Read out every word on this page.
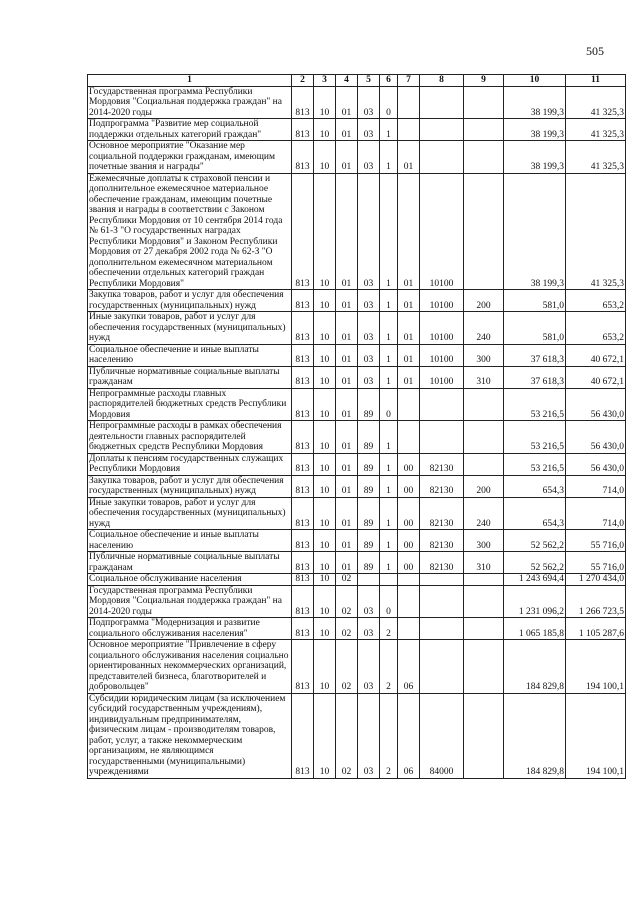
505
1	2	3	4	5	6	7	8	9	10	11
Государственная программа Республики Мордовия "Социальная поддержка граждан" на 2014-2020 годы	813	10	01	03	0				38 199,3	41 325,3
Подпрограмма "Развитие мер социальной поддержки отдельных категорий граждан"	813	10	01	03	1				38 199,3	41 325,3
Основное мероприятие "Оказание мер социальной поддержки гражданам, имеющим почетные звания и награды"	813	10	01	03	1	01			38 199,3	41 325,3
Ежемесячные доплаты к страховой пенсии и дополнительное ежемесячное материальное обеспечение гражданам, имеющим почетные звания и награды в соответствии с Законом Республики Мордовия от 10 сентября 2014 года № 61-З "О государственных наградах Республики Мордовия" и Законом Республики Мордовия от 27 декабря 2002 года № 62-З "О дополнительном ежемесячном материальном обеспечении отдельных категорий граждан Республики Мордовия"	813	10	01	03	1	01	10100		38 199,3	41 325,3
Закупка товаров, работ и услуг для обеспечения государственных (муниципальных) нужд	813	10	01	03	1	01	10100	200	581,0	653,2
Иные закупки товаров, работ и услуг для обеспечения государственных (муниципальных) нужд	813	10	01	03	1	01	10100	240	581,0	653,2
Социальное обеспечение и иные выплаты населению	813	10	01	03	1	01	10100	300	37 618,3	40 672,1
Публичные нормативные социальные выплаты гражданам	813	10	01	03	1	01	10100	310	37 618,3	40 672,1
Непрограммные расходы главных распорядителей бюджетных средств Республики Мордовия	813	10	01	89	0				53 216,5	56 430,0
Непрограммные расходы в рамках обеспечения деятельности главных распорядителей бюджетных средств Республики Мордовия	813	10	01	89	1				53 216,5	56 430,0
Доплаты к пенсиям государственных служащих Республики Мордовия	813	10	01	89	1	00	82130		53 216,5	56 430,0
Закупка товаров, работ и услуг для обеспечения государственных (муниципальных) нужд	813	10	01	89	1	00	82130	200	654,3	714,0
Иные закупки товаров, работ и услуг для обеспечения государственных (муниципальных) нужд	813	10	01	89	1	00	82130	240	654,3	714,0
Социальное обеспечение и иные выплаты населению	813	10	01	89	1	00	82130	300	52 562,2	55 716,0
Публичные нормативные социальные выплаты гражданам	813	10	01	89	1	00	82130	310	52 562,2	55 716,0
Социальное обслуживание населения	813	10	02						1 243 694,4	1 270 434,0
Государственная программа Республики Мордовия "Социальная поддержка граждан" на 2014-2020 годы	813	10	02	03	0				1 231 096,2	1 266 723,5
Подпрограмма "Модернизация и развитие социального обслуживания населения"	813	10	02	03	2				1 065 185,8	1 105 287,6
Основное мероприятие "Привлечение в сферу социального обслуживания населения социально ориентированных некоммерческих организаций, представителей бизнеса, благотворителей и добровольцев"	813	10	02	03	2	06			184 829,8	194 100,1
Субсидии юридическим лицам (за исключением субсидий государственным учреждениям), индивидуальным предпринимателям, физическим лицам - производителям товаров, работ, услуг, а также некоммерческим организациям, не являющимся государственными (муниципальными) учреждениями	813	10	02	03	2	06	84000		184 829,8	194 100,1
